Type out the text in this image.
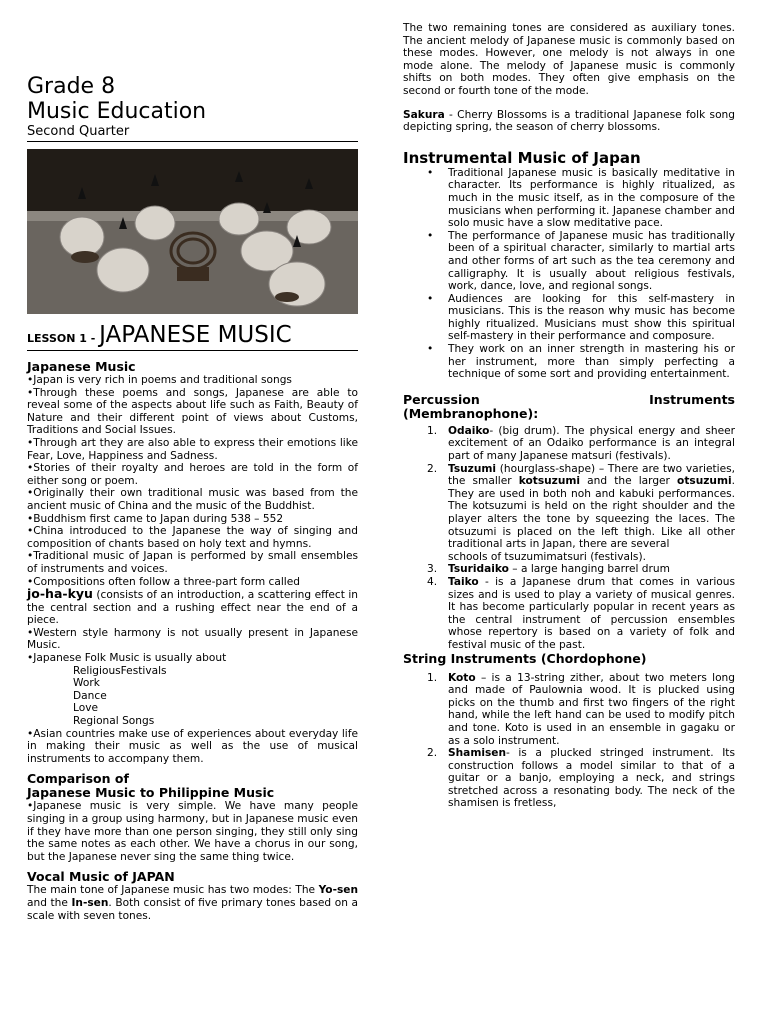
Grade 8

Music Education

Second Quarter

LESSON 1 - JAPANESE MUSIC
Japanese Music

•Japan is very rich in poems and traditional songs

•Through these poems and songs, Japanese are able to reveal some of the aspects about life such as Faith, Beauty of Nature and their different point of views about Customs, Traditions and Social Issues.

•Through art they are also able to express their emotions like Fear, Love, Happiness and Sadness.

•Stories of their royalty and heroes are told in the form of either song or poem.

•Originally their own traditional music was based from the ancient music of China and the music of the Buddhist.

•Buddhism first came to Japan during 538 – 552

•China introduced to the Japanese the way of singing and composition of chants based on holy text and hymns.

•Traditional music of Japan is performed by small ensembles of instruments and voices.

•Compositions often follow a three-part form called

jo-ha-kyu (consists of an introduction, a scattering effect in the central section and a rushing effect near the end of a piece.

•Western style harmony is not usually present in Japanese Music.

•Japanese Folk Music is usually about

ReligiousFestivals
Work
Dance
Love
Regional Songs

•Asian countries make use of experiences about everyday life in making their music as well as the use of musical instruments to accompany them.

Comparison of
Japanese Music to Philippine Music

•Japanese music is very simple. We have many people singing in a group using harmony, but in Japanese music even if they have more than one person singing, they still only sing the same notes as each other. We have a chorus in our song, but the Japanese never sing the same thing twice.

Vocal Music of JAPAN

The main tone of Japanese music has two modes: The Yo-sen and the In-sen. Both consist of five primary tones based on a scale with seven tones.

The two remaining tones are considered as auxiliary tones. The ancient melody of Japanese music is commonly based on these modes. However, one melody is not always in one mode alone. The melody of Japanese music is commonly shifts on both modes. They often give emphasis on the second or fourth tone of the mode.

Sakura - Cherry Blossoms is a traditional Japanese folk song depicting spring, the season of cherry blossoms.

Instrumental Music of Japan

• Traditional Japanese music is basically meditative in character. Its performance is highly ritualized, as much in the music itself, as in the composure of the musicians when performing it. Japanese chamber and solo music have a slow meditative pace.
• The performance of Japanese music has traditionally been of a spiritual character, similarly to martial arts and other forms of art such as the tea ceremony and calligraphy. It is usually about religious festivals, work, dance, love, and regional songs.
• Audiences are looking for this self-mastery in musicians. This is the reason why music has become highly ritualized. Musicians must show this spiritual self-mastery in their performance and composure.
• They work on an inner strength in mastering his or her instrument, more than simply perfecting a technique of some sort and providing entertainment.
Percussion	Instruments
(Membranophone):
1. Odaiko- (big drum). The physical energy and sheer excitement of an Odaiko performance is an integral part of many Japanese matsuri (festivals).
2. Tsuzumi (hourglass-shape) – There are two varieties, the smaller kotsuzumi and the larger otsuzumi. They are used in both noh and kabuki performances. The kotsuzumi is held on the right shoulder and the player alters the tone by squeezing the laces. The otsuzumi is placed on the left thigh. Like all other traditional arts in Japan, there are several
schools of tsuzumimatsuri (festivals).
3. Tsuridaiko – a large hanging barrel drum
4. Taiko - is a Japanese drum that comes in various sizes and is used to play a variety of musical genres. It has become particularly popular in recent years as the central instrument of percussion ensembles whose repertory is based on a variety of folk and festival music of the past.
String Instruments (Chordophone)
1. Koto – is a 13-string zither, about two meters long and made of Paulownia wood. It is plucked using picks on the thumb and first two fingers of the right hand, while the left hand can be used to modify pitch and tone. Koto is used in an ensemble in gagaku or as a solo instrument.
2. Shamisen- is a plucked stringed instrument. Its construction follows a model similar to that of a guitar or a banjo, employing a neck, and strings stretched across a resonating body. The neck of the shamisen is fretless,
